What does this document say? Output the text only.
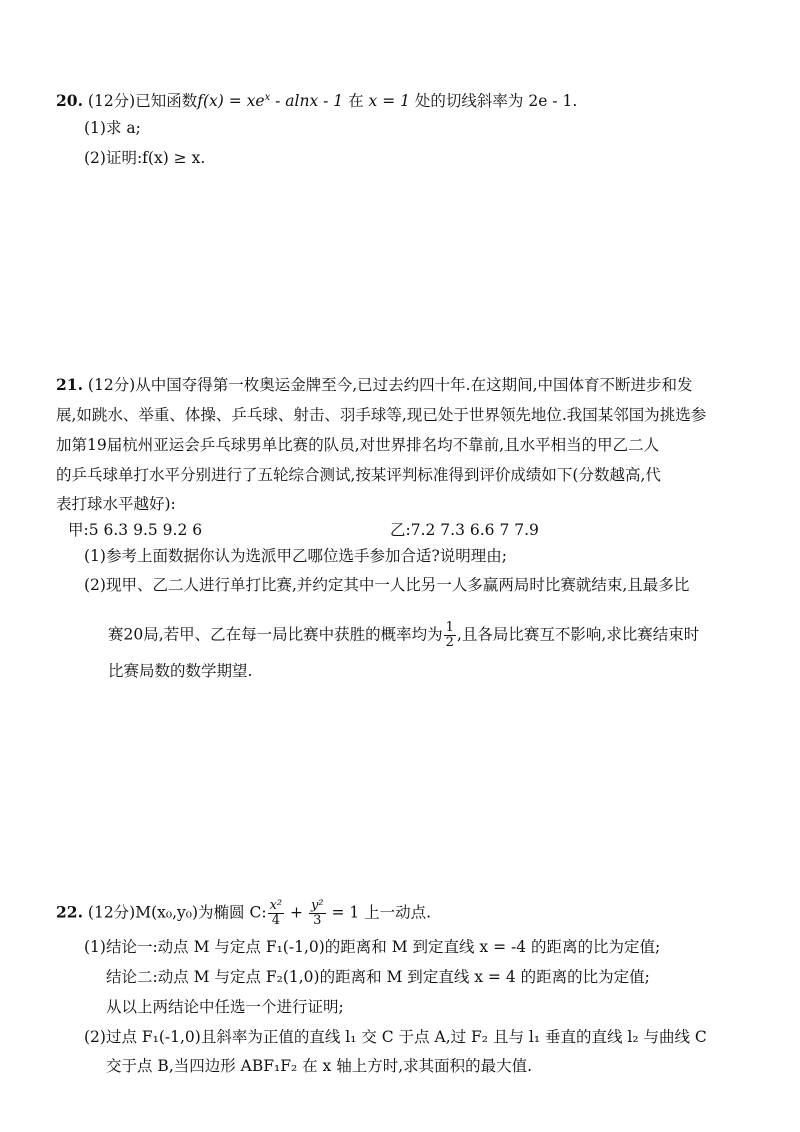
20. (12分)已知函数$f(x) = xe^x - alnx - 1$ 在 x = 1 处的切线斜率为 2e - 1.
(1)求 a;
(2)证明:f(x) ≥ x.
21. (12分)从中国夺得第一枚奥运金牌至今,已过去约四十年.在这期间,中国体育不断进步和发
展,如跳水、举重、体操、乒乓球、射击、羽手球等,现已处于世界领先地位.我国某邻国为挑选参
加第19届杭州亚运会乒乓球男单比赛的队员,对世界排名均不靠前,且水平相当的甲乙二人
的乒乓球单打水平分别进行了五轮综合测试,按某评判标准得到评价成绩如下(分数越高,代
表打球水平越好):
甲:5 6.3 9.5 9.2 6	乙:7.2 7.3 6.6 7 7.9
(1)参考上面数据你认为选派甲乙哪位选手参加合适?说明理由;
(2)现甲、乙二人进行单打比赛,并约定其中一人比另一人多赢两局时比赛就结束,且最多比
赛20局,若甲、乙在每一局比赛中获胜的概率均为 $\frac{1}{2}$ ,且各局比赛互不影响,求比赛结束时
比赛局数的数学期望.
22. (12分)M(x₀,y₀)为椭圆 C: $\frac{\text{x²}}{4} + \frac{\text{y²}}{3} = 1$ 上一动点.
(1)结论一:动点 M 与定点 F₁(-1,0)的距离和 M 到定直线 x = -4 的距离的比为定值;
结论二:动点 M 与定点 F₂(1,0)的距离和 M 到定直线 x = 4 的距离的比为定值;
从以上两结论中任选一个进行证明;
(2)过点 F₁(-1,0)且斜率为正值的直线 l₁ 交 C 于点 A,过 F₂ 且与 l₁ 垂直的直线 l₂ 与曲线 C
交于点 B,当四边形 ABF₁F₂ 在 x 轴上方时,求其面积的最大值.
